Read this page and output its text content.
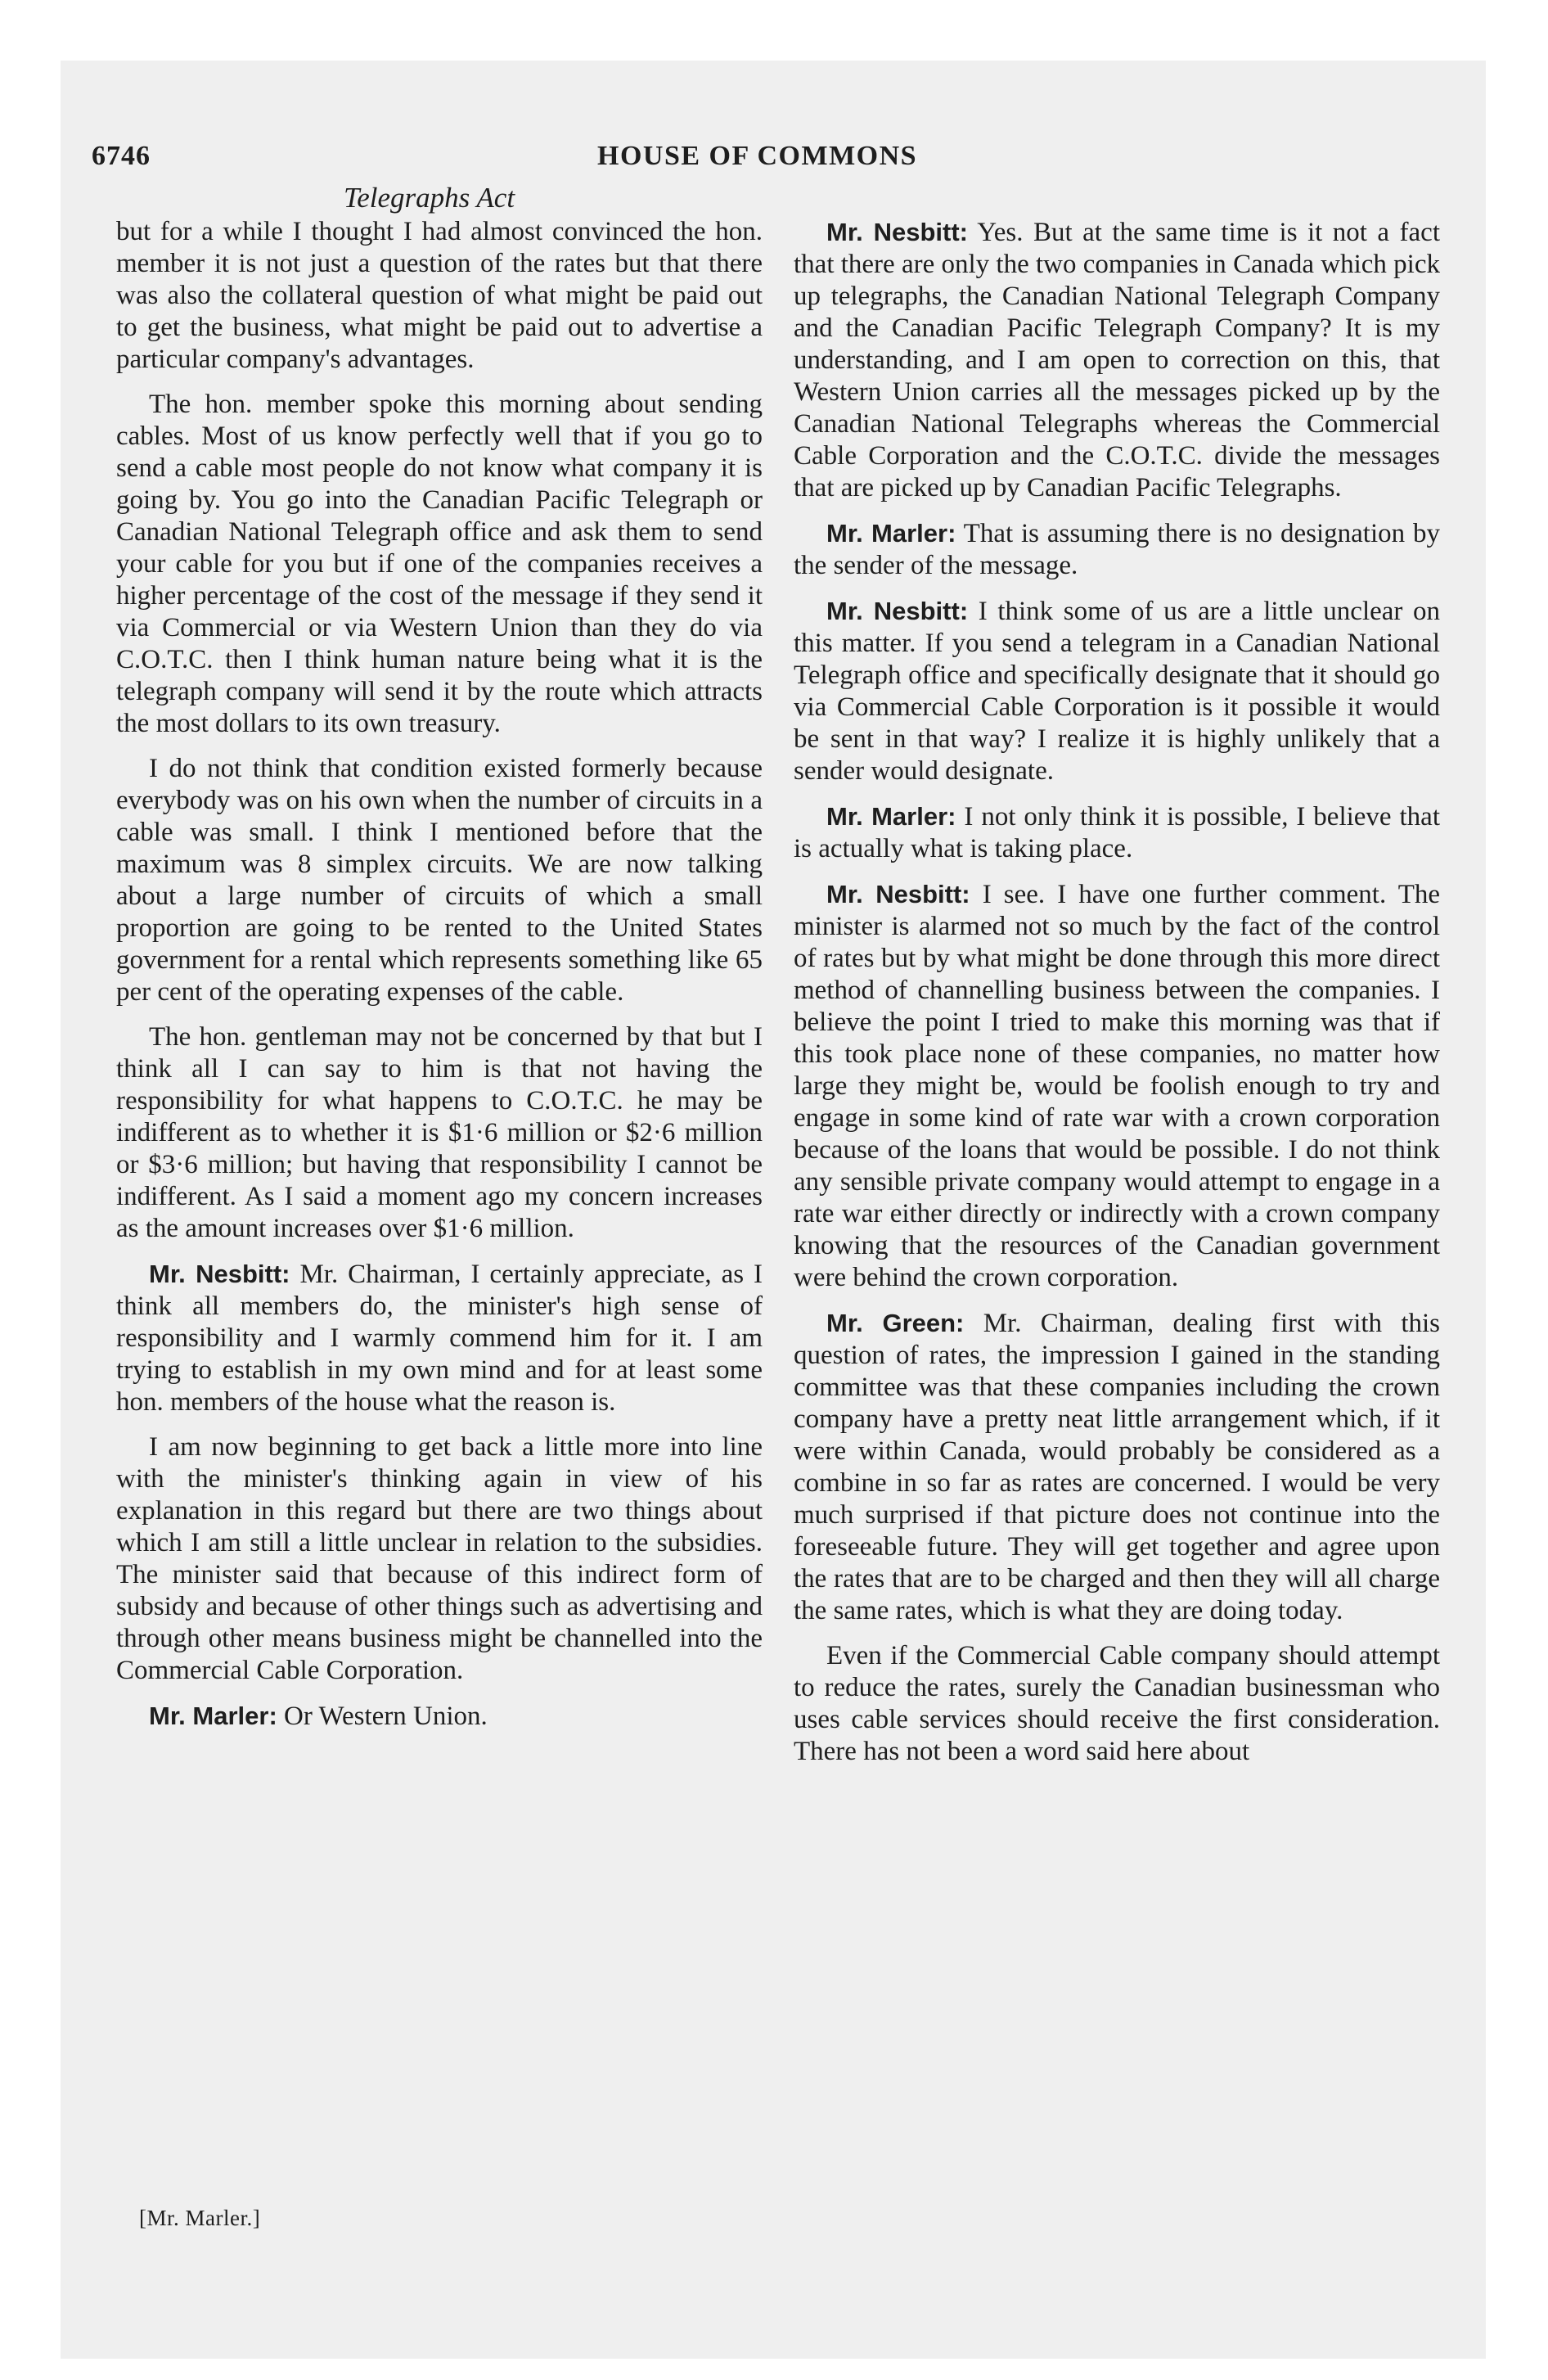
6746	HOUSE OF COMMONS
Telegraphs Act

but for a while I thought I had almost convinced the hon. member it is not just a question of the rates but that there was also the collateral question of what might be paid out to get the business, what might be paid out to advertise a particular company's advantages.

The hon. member spoke this morning about sending cables. Most of us know perfectly well that if you go to send a cable most people do not know what company it is going by. You go into the Canadian Pacific Telegraph or Canadian National Telegraph office and ask them to send your cable for you but if one of the companies receives a higher percentage of the cost of the message if they send it via Commercial or via Western Union than they do via C.O.T.C. then I think human nature being what it is the telegraph company will send it by the route which attracts the most dollars to its own treasury.

I do not think that condition existed formerly because everybody was on his own when the number of circuits in a cable was small. I think I mentioned before that the maximum was 8 simplex circuits. We are now talking about a large number of circuits of which a small proportion are going to be rented to the United States government for a rental which represents something like 65 per cent of the operating expenses of the cable.

The hon. gentleman may not be concerned by that but I think all I can say to him is that not having the responsibility for what happens to C.O.T.C. he may be indifferent as to whether it is $1·6 million or $2·6 million or $3·6 million; but having that responsibility I cannot be indifferent. As I said a moment ago my concern increases as the amount increases over $1·6 million.

Mr. Nesbitt: Mr. Chairman, I certainly appreciate, as I think all members do, the minister's high sense of responsibility and I warmly commend him for it. I am trying to establish in my own mind and for at least some hon. members of the house what the reason is.

I am now beginning to get back a little more into line with the minister's thinking again in view of his explanation in this regard but there are two things about which I am still a little unclear in relation to the subsidies. The minister said that because of this indirect form of subsidy and because of other things such as advertising and through other means business might be channelled into the Commercial Cable Corporation.

Mr. Marler: Or Western Union.

Mr. Nesbitt: Yes. But at the same time is it not a fact that there are only the two companies in Canada which pick up telegraphs, the Canadian National Telegraph Company and the Canadian Pacific Telegraph Company? It is my understanding, and I am open to correction on this, that Western Union carries all the messages picked up by the Canadian National Telegraphs whereas the Commercial Cable Corporation and the C.O.T.C. divide the messages that are picked up by Canadian Pacific Telegraphs.

Mr. Marler: That is assuming there is no designation by the sender of the message.

Mr. Nesbitt: I think some of us are a little unclear on this matter. If you send a telegram in a Canadian National Telegraph office and specifically designate that it should go via Commercial Cable Corporation is it possible it would be sent in that way? I realize it is highly unlikely that a sender would designate.

Mr. Marler: I not only think it is possible, I believe that is actually what is taking place.

Mr. Nesbitt: I see. I have one further comment. The minister is alarmed not so much by the fact of the control of rates but by what might be done through this more direct method of channelling business between the companies. I believe the point I tried to make this morning was that if this took place none of these companies, no matter how large they might be, would be foolish enough to try and engage in some kind of rate war with a crown corporation because of the loans that would be possible. I do not think any sensible private company would attempt to engage in a rate war either directly or indirectly with a crown company knowing that the resources of the Canadian government were behind the crown corporation.

Mr. Green: Mr. Chairman, dealing first with this question of rates, the impression I gained in the standing committee was that these companies including the crown company have a pretty neat little arrangement which, if it were within Canada, would probably be considered as a combine in so far as rates are concerned. I would be very much surprised if that picture does not continue into the foreseeable future. They will get together and agree upon the rates that are to be charged and then they will all charge the same rates, which is what they are doing today.

Even if the Commercial Cable company should attempt to reduce the rates, surely the Canadian businessman who uses cable services should receive the first consideration. There has not been a word said here about

[Mr. Marler.]
